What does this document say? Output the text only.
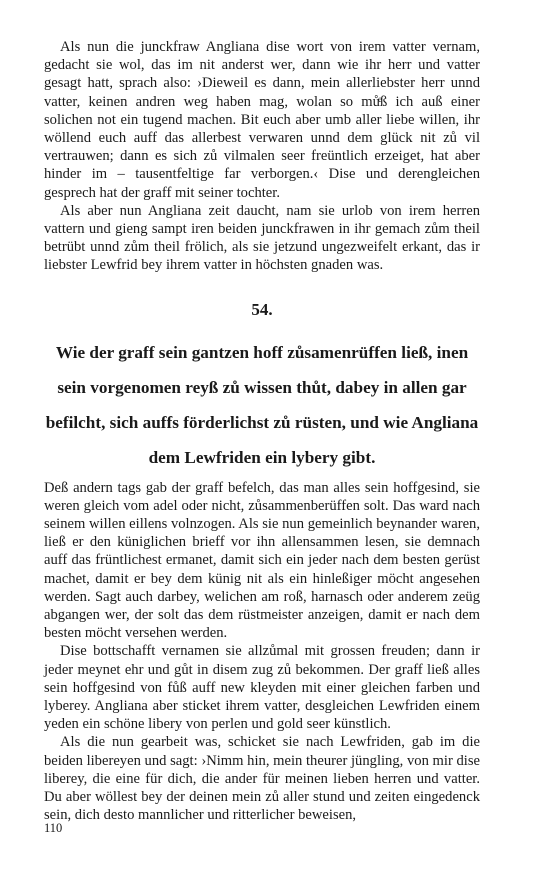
Als nun die junckfraw Angliana dise wort von irem vatter vernam, gedacht sie wol, das im nit anderst wer, dann wie ihr herr und vatter gesagt hatt, sprach also: ›Dieweil es dann, mein allerliebster herr unnd vatter, keinen andren weg haben mag, wolan so můͤß ich auß einer solichen not ein tugend machen. Bit euch aber umb aller liebe willen, ihr wöllend euch auff das allerbest verwaren unnd dem glück nit zů vil vertrauwen; dann es sich zů vilmalen seer freüntlich erzeiget, hat aber hinder im – tausentfeltige far verborgen.‹ Dise und derengleichen gesprech hat der graff mit seiner tochter.

Als aber nun Angliana zeit daucht, nam sie urlob von irem herren vattern und gieng sampt iren beiden junckfrawen in ihr gemach zům theil betrübt unnd zům theil frölich, als sie jetzund ungezweifelt erkant, das ir liebster Lewfrid bey ihrem vatter in höchsten gnaden was.

54.
Wie der graff sein gantzen hoff zůsamenrüffen ließ, inen sein vorgenomen reyß zů wissen thůt, dabey in allen gar befilcht, sich auffs förderlichst zů rüsten, und wie Angliana dem Lewfriden ein lybery gibt.

Deß andern tags gab der graff befelch, das man alles sein hoffgesind, sie weren gleich vom adel oder nicht, zůsammenberüffen solt. Das ward nach seinem willen eillens volnzogen. Als sie nun gemeinlich beynander waren, ließ er den küniglichen brieff vor ihn allensammen lesen, sie demnach auff das früntlichest ermanet, damit sich ein jeder nach dem besten gerüst machet, damit er bey dem künig nit als ein hinleßiger möcht angesehen werden. Sagt auch darbey, welichen am roß, harnasch oder anderem zeüg abgangen wer, der solt das dem rüstmeister anzeigen, damit er nach dem besten möcht versehen werden.

Dise bottschafft vernamen sie allzůmal mit grossen freuden; dann ir jeder meynet ehr und gůt in disem zug zů bekommen. Der graff ließ alles sein hoffgesind von fůß auff new kleyden mit einer gleichen farben und lyberey. Angliana aber sticket ihrem vatter, desgleichen Lewfriden einem yeden ein schöne libery von perlen und gold seer künstlich.

Als die nun gearbeit was, schicket sie nach Lewfriden, gab im die beiden libereyen und sagt: ›Nimm hin, mein theurer jüngling, von mir dise liberey, die eine für dich, die ander für meinen lieben herren und vatter. Du aber wöllest bey der deinen mein zů aller stund und zeiten eingedenck sein, dich desto mannlicher und ritterlicher beweisen,

110
